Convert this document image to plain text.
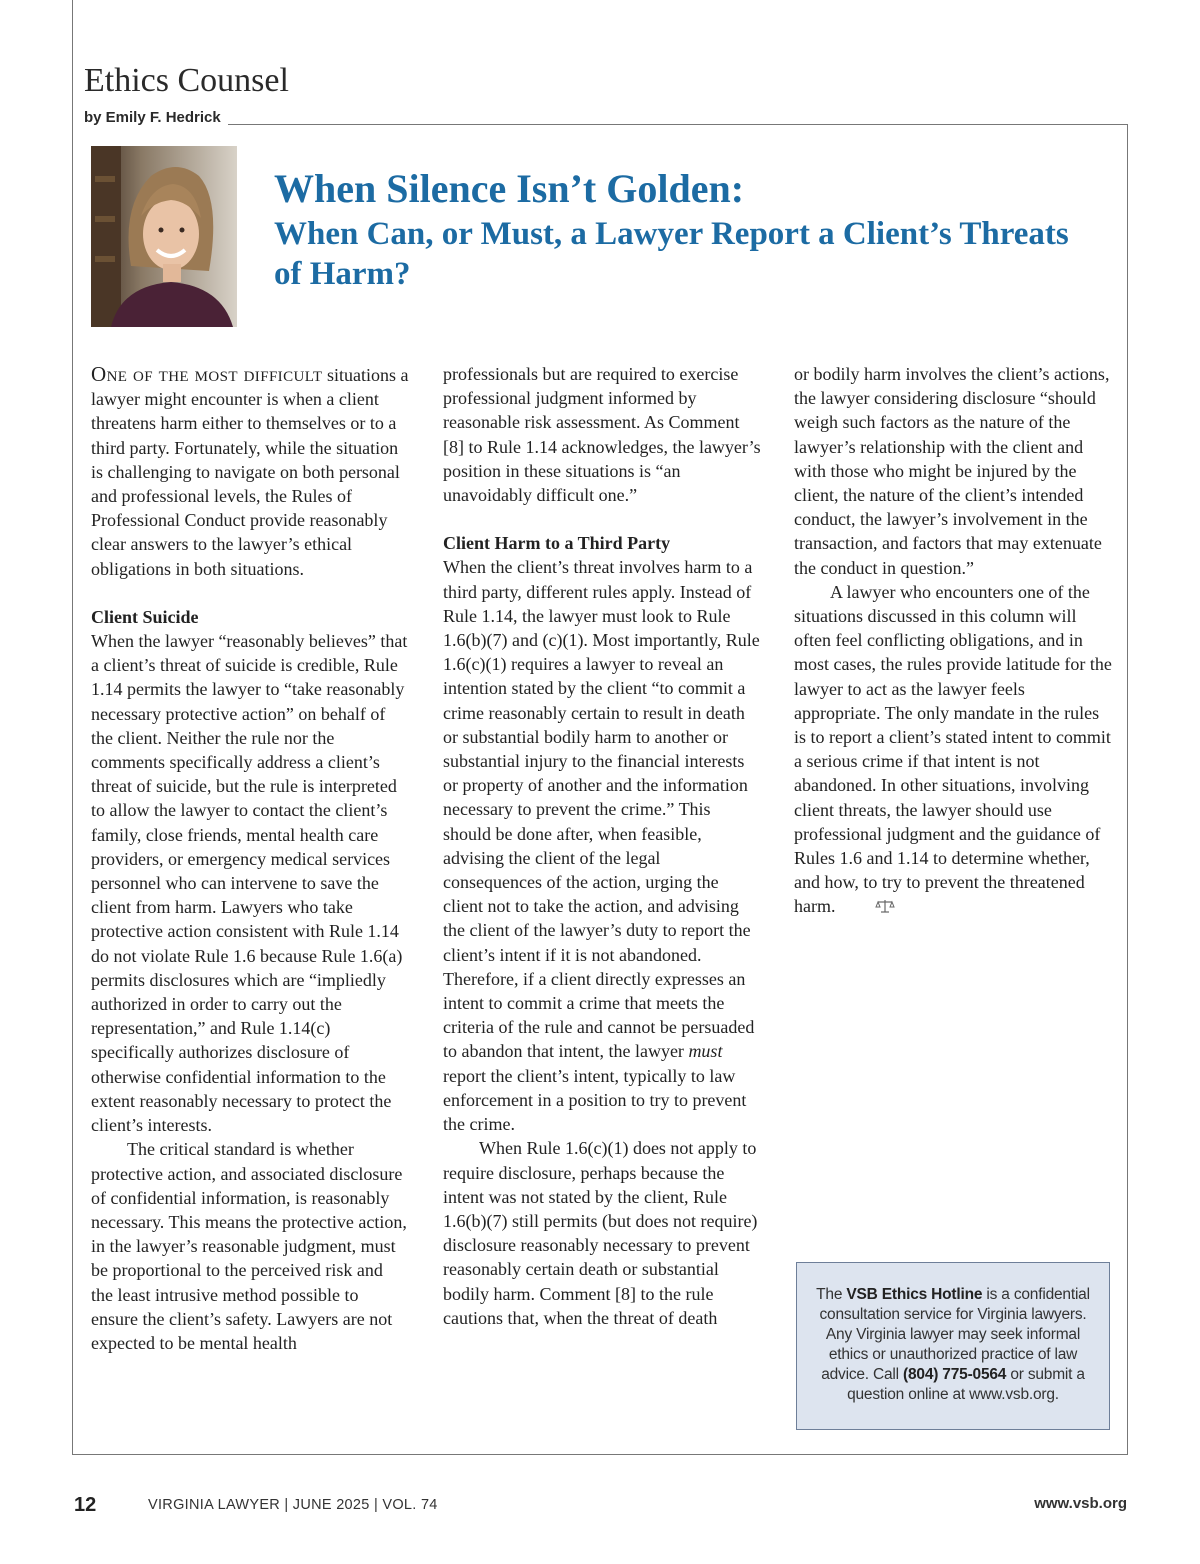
Ethics Counsel
by Emily F. Hedrick
When Silence Isn’t Golden:
When Can, or Must, a Lawyer Report a Client’s Threats of Harm?

One of the most difficult situations a lawyer might encounter is when a client threatens harm either to themselves or to a third party. Fortunately, while the situation is challenging to navigate on both personal and professional levels, the Rules of Professional Conduct provide reasonably clear answers to the lawyer’s ethical obligations in both situations.

Client Suicide

When the lawyer “reasonably believes” that a client’s threat of suicide is credible, Rule 1.14 permits the lawyer to “take reasonably necessary protective action” on behalf of the client. Neither the rule nor the comments specifically address a client’s threat of suicide, but the rule is interpreted to allow the lawyer to contact the client’s family, close friends, mental health care providers, or emergency medical services personnel who can intervene to save the client from harm. Lawyers who take protective action consistent with Rule 1.14 do not violate Rule 1.6 because Rule 1.6(a) permits disclosures which are “impliedly authorized in order to carry out the representation,” and Rule 1.14(c) specifically authorizes disclosure of otherwise confidential information to the extent reasonably necessary to protect the client’s interests.

The critical standard is whether protective action, and associated disclosure of confidential information, is reasonably necessary. This means the protective action, in the lawyer’s reasonable judgment, must be proportional to the perceived risk and the least intrusive method possible to ensure the client’s safety. Lawyers are not expected to be mental health

professionals but are required to exercise professional judgment informed by reasonable risk assessment. As Comment [8] to Rule 1.14 acknowledges, the lawyer’s position in these situations is “an unavoidably difficult one.”

Client Harm to a Third Party

When the client’s threat involves harm to a third party, different rules apply. Instead of Rule 1.14, the lawyer must look to Rule 1.6(b)(7) and (c)(1). Most importantly, Rule 1.6(c)(1) requires a lawyer to reveal an intention stated by the client “to commit a crime reasonably certain to result in death or substantial bodily harm to another or substantial injury to the financial interests or property of another and the information necessary to prevent the crime.” This should be done after, when feasible, advising the client of the legal consequences of the action, urging the client not to take the action, and advising the client of the lawyer’s duty to report the client’s intent if it is not abandoned. Therefore, if a client directly expresses an intent to commit a crime that meets the criteria of the rule and cannot be persuaded to abandon that intent, the lawyer must report the client’s intent, typically to law enforcement in a position to try to prevent the crime.

When Rule 1.6(c)(1) does not apply to require disclosure, perhaps because the intent was not stated by the client, Rule 1.6(b)(7) still permits (but does not require) disclosure reasonably necessary to prevent reasonably certain death or substantial bodily harm. Comment [8] to the rule cautions that, when the threat of death

or bodily harm involves the client’s actions, the lawyer considering disclosure “should weigh such factors as the nature of the lawyer’s relationship with the client and with those who might be injured by the client, the nature of the client’s intended conduct, the lawyer’s involvement in the transaction, and factors that may extenuate the conduct in question.”

A lawyer who encounters one of the situations discussed in this column will often feel conflicting obligations, and in most cases, the rules provide latitude for the lawyer to act as the lawyer feels appropriate. The only mandate in the rules is to report a client’s stated intent to commit a serious crime if that intent is not abandoned. In other situations, involving client threats, the lawyer should use professional judgment and the guidance of Rules 1.6 and 1.14 to determine whether, and how, to try to prevent the threatened harm.

The VSB Ethics Hotline is a confidential consultation service for Virginia lawyers. Any Virginia lawyer may seek informal ethics or unauthorized practice of law advice. Call (804) 775-0564 or submit a question online at www.vsb.org.
12	VIRGINIA LAWYER | JUNE 2025 | VOL. 74	www.vsb.org
